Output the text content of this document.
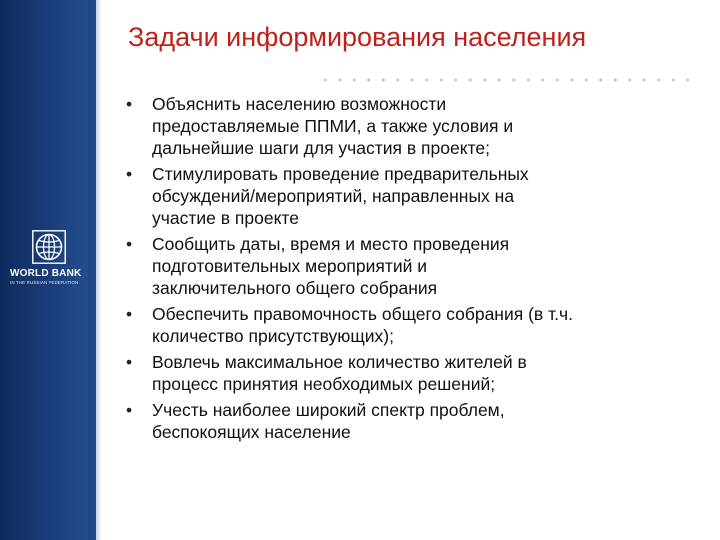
WORLD BANK
IN THE RUSSIAN FEDERATION
Задачи информирования населения
• Объяснить населению возможности
предоставляемые ППМИ, а также условия и
дальнейшие шаги для участия в проекте;
• Стимулировать проведение предварительных
обсуждений/мероприятий, направленных на
участие в проекте
• Сообщить даты, время и место проведения
подготовительных мероприятий и
заключительного общего собрания
• Обеспечить правомочность общего собрания (в т.ч.
количество присутствующих);
• Вовлечь максимальное количество жителей в
процесс принятия необходимых решений;
• Учесть наиболее широкий спектр проблем,
беспокоящих население
